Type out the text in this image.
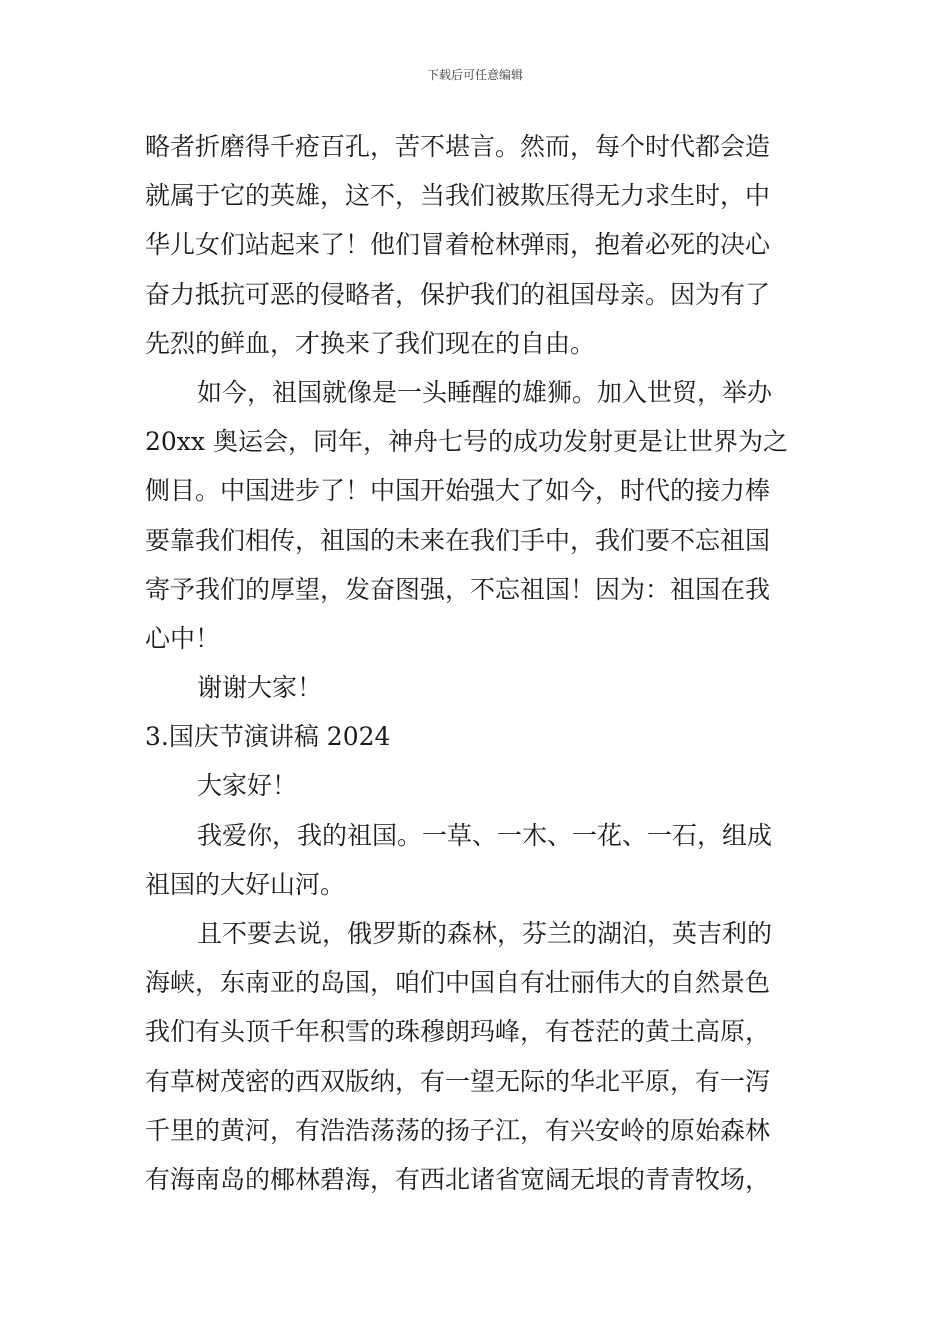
下载后可任意编辑
略者折磨得千疮百孔，苦不堪言。然而，每个时代都会造
就属于它的英雄，这不，当我们被欺压得无力求生时，中
华儿女们站起来了！他们冒着枪林弹雨，抱着必死的决心
奋力抵抗可恶的侵略者，保护我们的祖国母亲。因为有了
先烈的鲜血，才换来了我们现在的自由。
如今，祖国就像是一头睡醒的雄狮。加入世贸，举办
20xx 奥运会，同年，神舟七号的成功发射更是让世界为之
侧目。中国进步了！中国开始强大了如今，时代的接力棒
要靠我们相传，祖国的未来在我们手中，我们要不忘祖国
寄予我们的厚望，发奋图强，不忘祖国！因为：祖国在我
心中！
谢谢大家！
3.国庆节演讲稿 2024
大家好！
我爱你，我的祖国。一草、一木、一花、一石，组成
祖国的大好山河。
且不要去说，俄罗斯的森林，芬兰的湖泊，英吉利的
海峡，东南亚的岛国，咱们中国自有壮丽伟大的自然景色
我们有头顶千年积雪的珠穆朗玛峰，有苍茫的黄土高原，
有草树茂密的西双版纳，有一望无际的华北平原，有一泻
千里的黄河，有浩浩荡荡的扬子江，有兴安岭的原始森林
有海南岛的椰林碧海，有西北诸省宽阔无垠的青青牧场，
